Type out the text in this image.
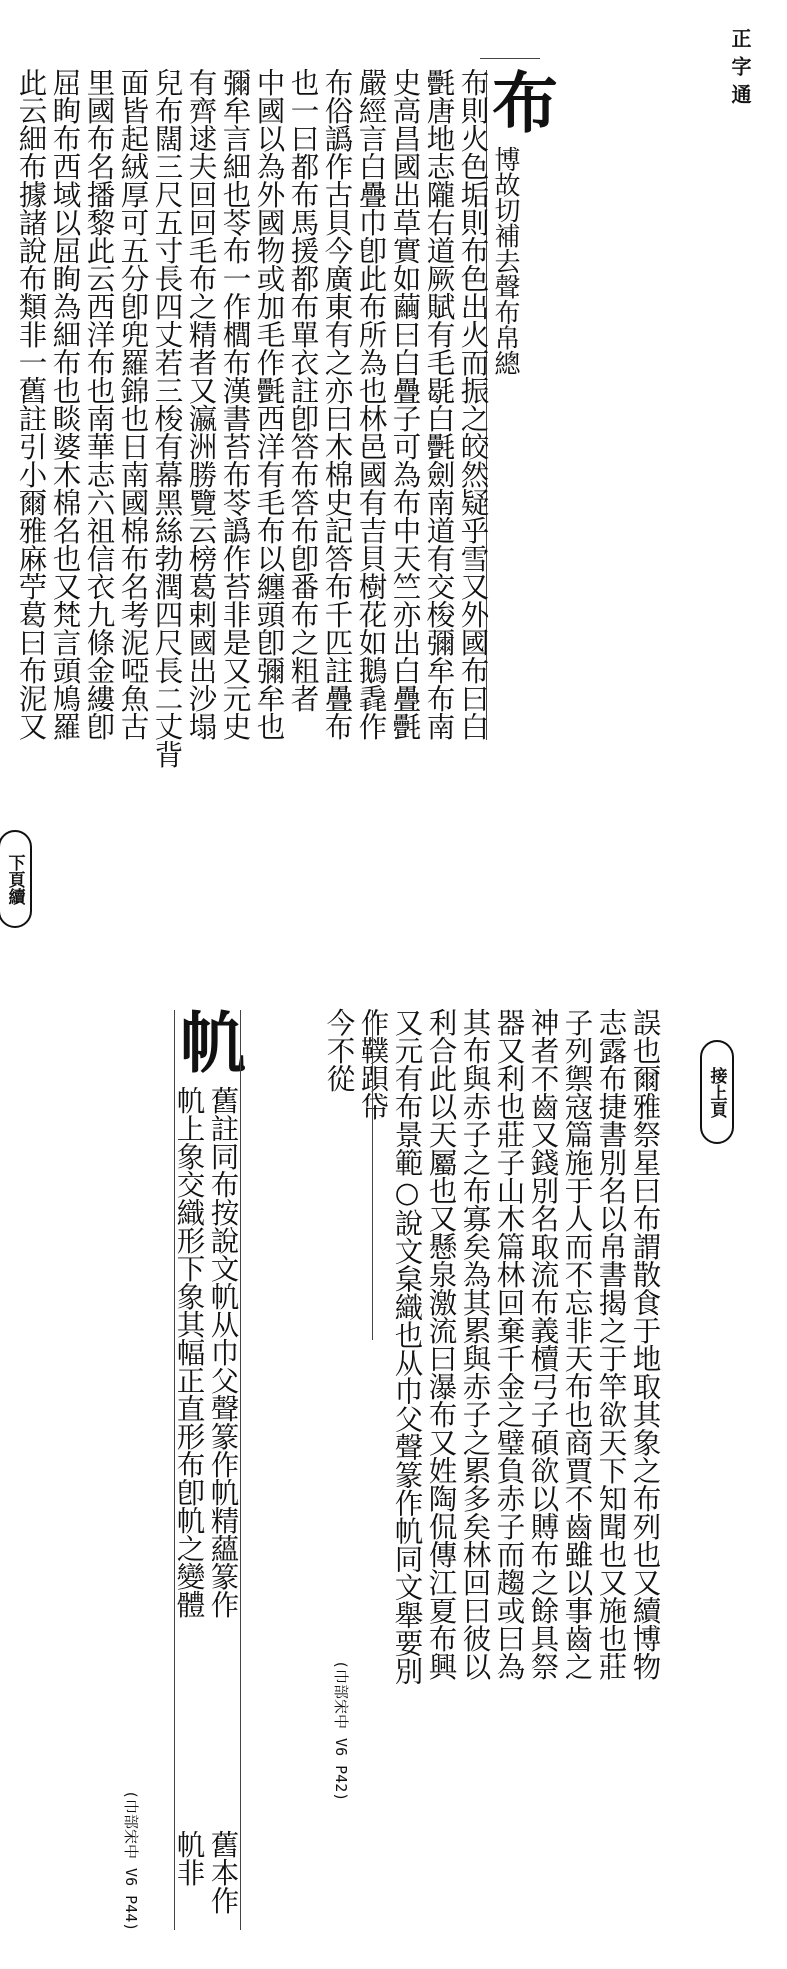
正字通
布
博故切補去聲布帛總
布則火色垢則布色出火而振之皎然疑乎雪又外國布曰白
㲲唐地志隴右道厥賦有毛毼白㲲劍南道有交梭彌牟布南
史高昌國出草實如繭曰白疊子可為布中天竺亦出白疊㲲
嚴經言白疊巾卽此布所為也林邑國有吉貝樹花如鵝毳作
布俗譌作古貝今廣東有之亦曰木棉史記答布千匹註疊布
也一曰都布馬援都布單衣註卽答布答布卽番布之粗者
中國以為外國物或加毛作㲲西洋有毛布以纏頭卽彌牟也
彌牟言細也苓布一作櫚布漢書苔布苓譌作苔非是又元史
有齊逑夫回回毛布之精者又瀛洲勝覽云榜葛剌國出沙塌
兒布闊三尺五寸長四丈若三梭有幕黑絲勃潤四尺長二丈背
面皆起絨厚可五分卽兜羅錦也日南國棉布名考泥啞魚古
里國布名播黎此云西洋布也南華志六祖信衣九條金縷卽
屈眴布西域以屈眴為細布也睒婆木棉名也又梵言頭鳩羅
此云細布據諸說布類非一舊註引小爾雅麻苧葛曰布泥又
下頁續
接上頁
誤也爾雅祭星曰布謂散食于地取其象之布列也又續博物
志露布捷書別名以帛書揭之于竿欲天下知聞也又施也莊
子列禦寇篇施于人而不忘非天布也商賈不齒雖以事齒之
神者不齒又錢別名取流布義櫝弓子碩欲以賻布之餘具祭
器又利也莊子山木篇林回棄千金之璧負赤子而趨或曰為
其布與赤子之布寡矣為其累與赤子之累多矣林回曰彼以
利合此以天屬也又懸泉激流曰瀑布又姓陶侃傳江夏布興
又元有布景範○說文枲織也从巾父聲篆作㠶同文舉要別
作䪁䟺帒
今不從
(巾部宋中 V6 P42)
㠶
舊註同布按說文㠶从巾父聲篆作㠶精蘊篆作
㠶上象交織形下象其幅正直形布卽㠶之變體
舊本作
㠶非
(巾部宋中 V6 P44)
